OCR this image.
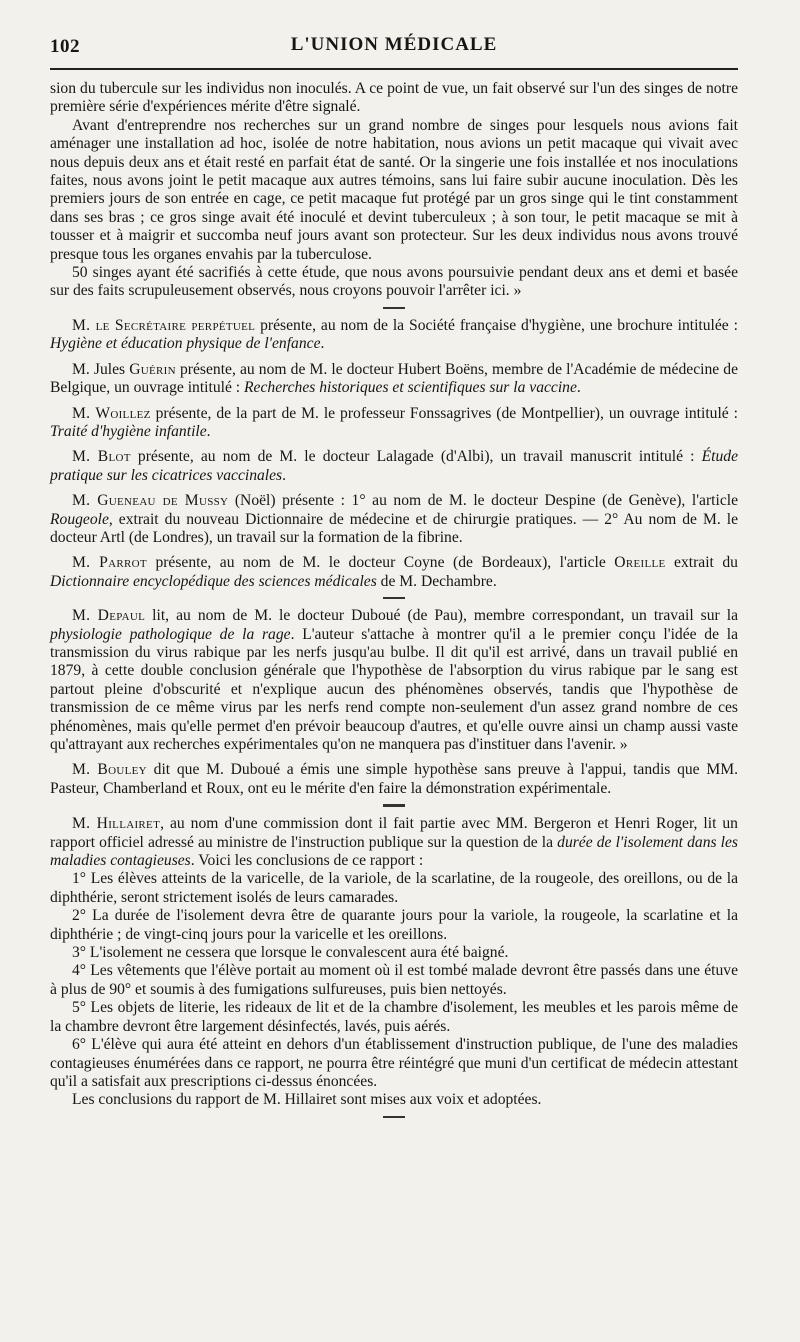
102	L'UNION MÉDICALE

sion du tubercule sur les individus non inoculés. A ce point de vue, un fait observé sur l'un des singes de notre première série d'expériences mérite d'être signalé.

Avant d'entreprendre nos recherches sur un grand nombre de singes pour lesquels nous avions fait aménager une installation ad hoc, isolée de notre habitation, nous avions un petit macaque qui vivait avec nous depuis deux ans et était resté en parfait état de santé. Or la singerie une fois installée et nos inoculations faites, nous avons joint le petit macaque aux autres témoins, sans lui faire subir aucune inoculation. Dès les premiers jours de son entrée en cage, ce petit macaque fut protégé par un gros singe qui le tint constamment dans ses bras ; ce gros singe avait été inoculé et devint tuberculeux ; à son tour, le petit macaque se mit à tousser et à maigrir et succomba neuf jours avant son protecteur. Sur les deux individus nous avons trouvé presque tous les organes envahis par la tuberculose.

50 singes ayant été sacrifiés à cette étude, que nous avons poursuivie pendant deux ans et demi et basée sur des faits scrupuleusement observés, nous croyons pouvoir l'arrêter ici. »

M. le Secrétaire perpétuel présente, au nom de la Société française d'hygiène, une brochure intitulée : Hygiène et éducation physique de l'enfance.

M. Jules Guérin présente, au nom de M. le docteur Hubert Boëns, membre de l'Académie de médecine de Belgique, un ouvrage intitulé : Recherches historiques et scientifiques sur la vaccine.

M. Woillez présente, de la part de M. le professeur Fonssagrives (de Montpellier), un ouvrage intitulé : Traité d'hygiène infantile.

M. Blot présente, au nom de M. le docteur Lalagade (d'Albi), un travail manuscrit intitulé : Étude pratique sur les cicatrices vaccinales.

M. Gueneau de Mussy (Noël) présente : 1° au nom de M. le docteur Despine (de Genève), l'article Rougeole, extrait du nouveau Dictionnaire de médecine et de chirurgie pratiques. — 2° Au nom de M. le docteur Artl (de Londres), un travail sur la formation de la fibrine.

M. Parrot présente, au nom de M. le docteur Coyne (de Bordeaux), l'article Oreille extrait du Dictionnaire encyclopédique des sciences médicales de M. Dechambre.

M. Depaul lit, au nom de M. le docteur Duboué (de Pau), membre correspondant, un travail sur la physiologie pathologique de la rage. L'auteur s'attache à montrer qu'il a le premier conçu l'idée de la transmission du virus rabique par les nerfs jusqu'au bulbe. Il dit qu'il est arrivé, dans un travail publié en 1879, à cette double conclusion générale que l'hypothèse de l'absorption du virus rabique par le sang est partout pleine d'obscurité et n'explique aucun des phénomènes observés, tandis que l'hypothèse de transmission de ce même virus par les nerfs rend compte non-seulement d'un assez grand nombre de ces phénomènes, mais qu'elle permet d'en prévoir beaucoup d'autres, et qu'elle ouvre ainsi un champ aussi vaste qu'attrayant aux recherches expérimentales qu'on ne manquera pas d'instituer dans l'avenir. »

M. Bouley dit que M. Duboué a émis une simple hypothèse sans preuve à l'appui, tandis que MM. Pasteur, Chamberland et Roux, ont eu le mérite d'en faire la démonstration expérimentale.

M. Hillairet, au nom d'une commission dont il fait partie avec MM. Bergeron et Henri Roger, lit un rapport officiel adressé au ministre de l'instruction publique sur la question de la durée de l'isolement dans les maladies contagieuses. Voici les conclusions de ce rapport :

1° Les élèves atteints de la varicelle, de la variole, de la scarlatine, de la rougeole, des oreillons, ou de la diphthérie, seront strictement isolés de leurs camarades.

2° La durée de l'isolement devra être de quarante jours pour la variole, la rougeole, la scarlatine et la diphthérie ; de vingt-cinq jours pour la varicelle et les oreillons.

3° L'isolement ne cessera que lorsque le convalescent aura été baigné.

4° Les vêtements que l'élève portait au moment où il est tombé malade devront être passés dans une étuve à plus de 90° et soumis à des fumigations sulfureuses, puis bien nettoyés.

5° Les objets de literie, les rideaux de lit et de la chambre d'isolement, les meubles et les parois même de la chambre devront être largement désinfectés, lavés, puis aérés.

6° L'élève qui aura été atteint en dehors d'un établissement d'instruction publique, de l'une des maladies contagieuses énumérées dans ce rapport, ne pourra être réintégré que muni d'un certificat de médecin attestant qu'il a satisfait aux prescriptions ci-dessus énoncées.

Les conclusions du rapport de M. Hillairet sont mises aux voix et adoptées.
